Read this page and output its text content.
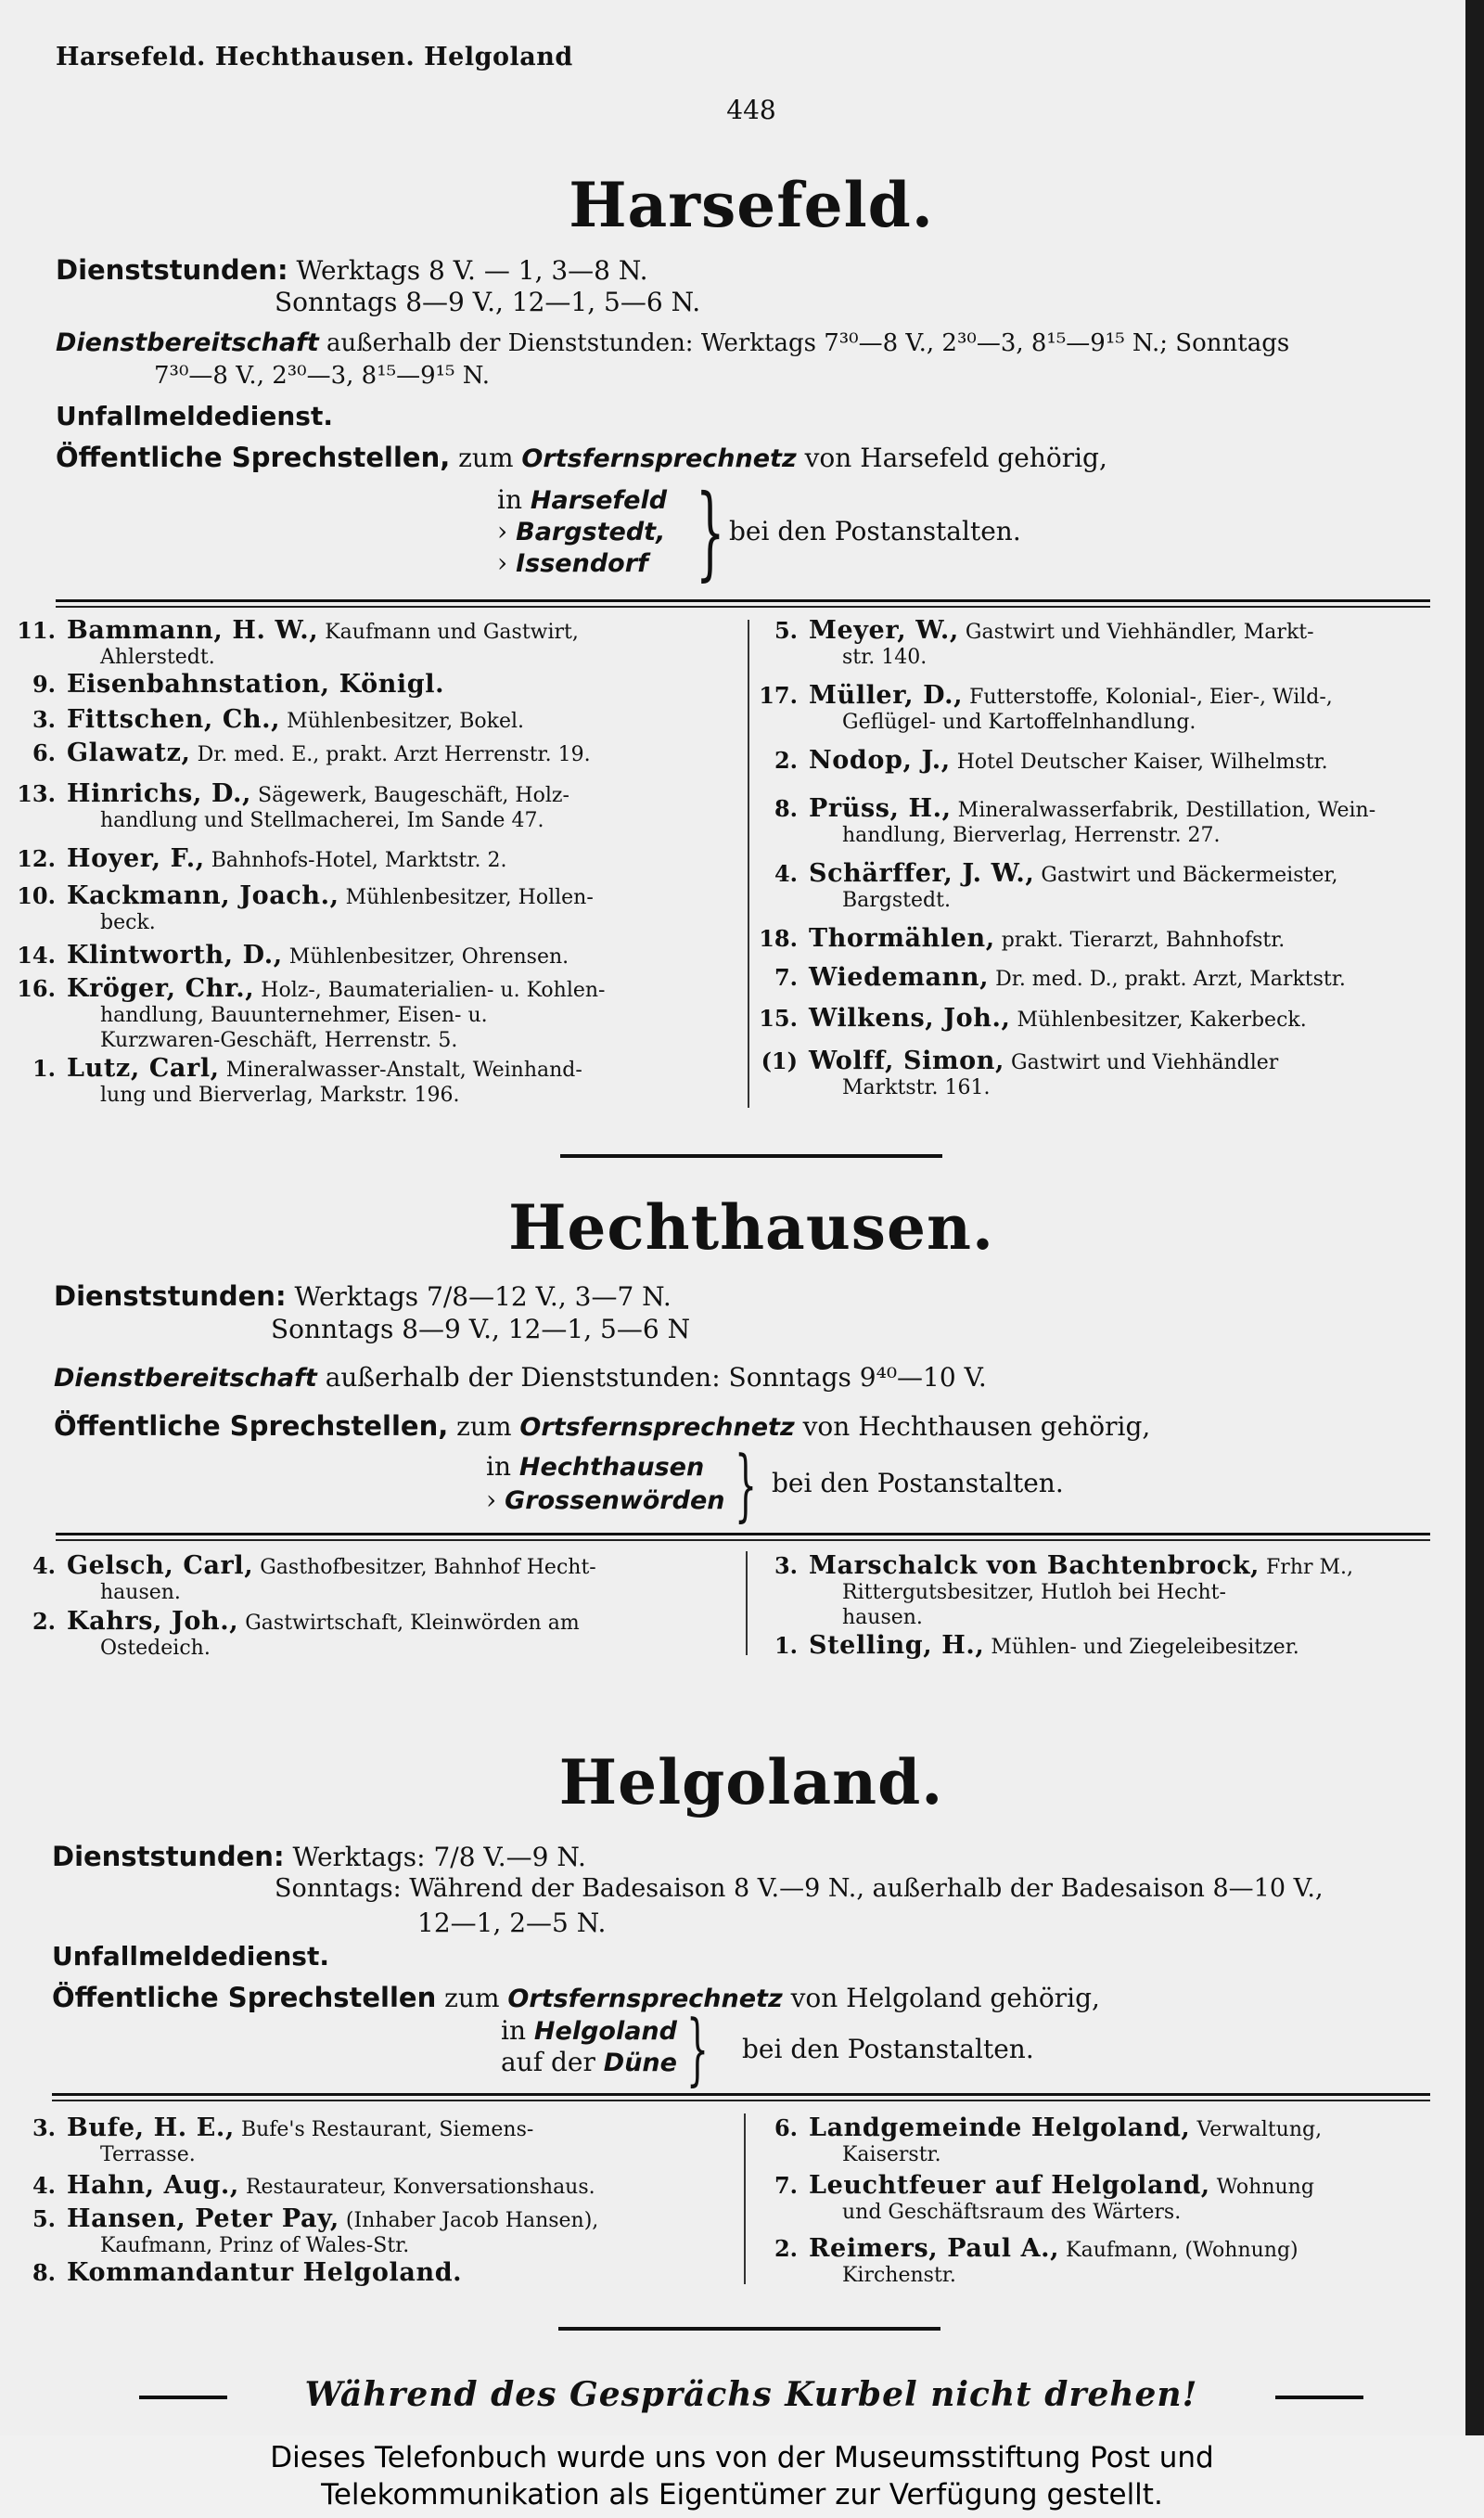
Harsefeld. Hechthausen. Helgoland
448
Harsefeld.
Dienststunden: Werktags 8 V. — 1, 3—8 N.
Sonntags 8—9 V., 12—1, 5—6 N.
Dienstbereitschaft außerhalb der Dienststunden: Werktags 7³⁰—8 V., 2³⁰—3, 8¹⁵—9¹⁵ N.; Sonntags
7³⁰—8 V., 2³⁰—3, 8¹⁵—9¹⁵ N.
Unfallmeldedienst.
Öffentliche Sprechstellen, zum Ortsfernsprechnetz von Harsefeld gehörig,
in Harsefeld
› Bargstedt,
› Issendorf } bei den Postanstalten.
11. Bammann, H. W., Kaufmann und Gastwirt,
Ahlerstedt.
9. Eisenbahnstation, Königl.
3. Fittschen, Ch., Mühlenbesitzer, Bokel.
6. Glawatz, Dr. med. E., prakt. Arzt Herrenstr. 19.
13. Hinrichs, D., Sägewerk, Baugeschäft, Holz-
handlung und Stellmacherei, Im Sande 47.
12. Hoyer, F., Bahnhofs-Hotel, Marktstr. 2.
10. Kackmann, Joach., Mühlenbesitzer, Hollen-
beck.
14. Klintworth, D., Mühlenbesitzer, Ohrensen.
16. Kröger, Chr., Holz-, Baumaterialien- u. Kohlen-
handlung, Bauunternehmer, Eisen- u.
Kurzwaren-Geschäft, Herrenstr. 5.
1. Lutz, Carl, Mineralwasser-Anstalt, Weinhand-
lung und Bierverlag, Markstr. 196.
5. Meyer, W., Gastwirt und Viehhändler, Markt-
str. 140.
17. Müller, D., Futterstoffe, Kolonial-, Eier-, Wild-,
Geflügel- und Kartoffelnhandlung.
2. Nodop, J., Hotel Deutscher Kaiser, Wilhelmstr.
8. Prüss, H., Mineralwasserfabrik, Destillation, Wein-
handlung, Bierverlag, Herrenstr. 27.
4. Schärffer, J. W., Gastwirt und Bäckermeister,
Bargstedt.
18. Thormählen, prakt. Tierarzt, Bahnhofstr.
7. Wiedemann, Dr. med. D., prakt. Arzt, Marktstr.
15. Wilkens, Joh., Mühlenbesitzer, Kakerbeck.
(1) Wolff, Simon, Gastwirt und Viehhändler
Marktstr. 161.
Hechthausen.
Dienststunden: Werktags 7/8—12 V., 3—7 N.
Sonntags 8—9 V., 12—1, 5—6 N
Dienstbereitschaft außerhalb der Dienststunden: Sonntags 9⁴⁰—10 V.
Öffentliche Sprechstellen, zum Ortsfernsprechnetz von Hechthausen gehörig,
in Hechthausen
› Grossenwörden } bei den Postanstalten.
4. Gelsch, Carl, Gasthofbesitzer, Bahnhof Hecht-
hausen.
2. Kahrs, Joh., Gastwirtschaft, Kleinwörden am
Ostedeich.
3. Marschalck von Bachtenbrock, Frhr M.,
Rittergutsbesitzer, Hutloh bei Hecht-
hausen.
1. Stelling, H., Mühlen- und Ziegeleibesitzer.
Helgoland.
Dienststunden: Werktags: 7/8 V.—9 N.
Sonntags: Während der Badesaison 8 V.—9 N., außerhalb der Badesaison 8—10 V.,
12—1, 2—5 N.
Unfallmeldedienst.
Öffentliche Sprechstellen zum Ortsfernsprechnetz von Helgoland gehörig,
in Helgoland
auf der Düne } bei den Postanstalten.
3. Bufe, H. E., Bufe's Restaurant, Siemens-
Terrasse.
4. Hahn, Aug., Restaurateur, Konversationshaus.
5. Hansen, Peter Pay, (Inhaber Jacob Hansen),
Kaufmann, Prinz of Wales-Str.
8. Kommandantur Helgoland.
6. Landgemeinde Helgoland, Verwaltung,
Kaiserstr.
7. Leuchtfeuer auf Helgoland, Wohnung
und Geschäftsraum des Wärters.
2. Reimers, Paul A., Kaufmann, (Wohnung)
Kirchenstr.
Während des Gesprächs Kurbel nicht drehen!
Dieses Telefonbuch wurde uns von der Museumsstiftung Post und
Telekommunikation als Eigentümer zur Verfügung gestellt.
